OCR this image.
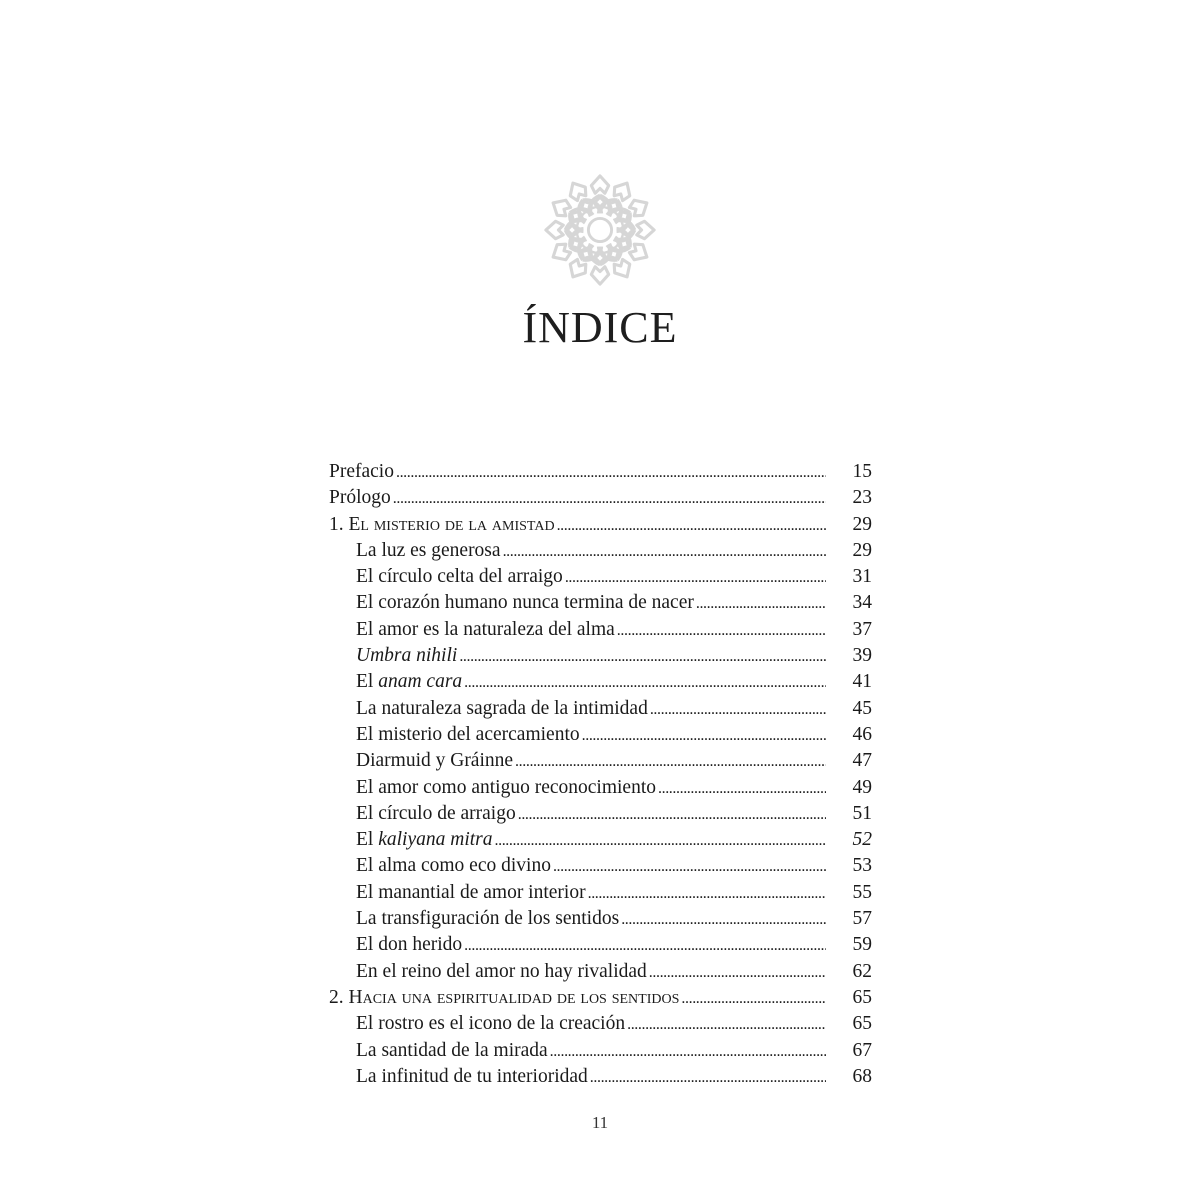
ÍNDICE
Prefacio . . .	15
Prólogo . . .	23
1. El misterio de la amistad . . .	29
La luz es generosa . . .	29
El círculo celta del arraigo . . .	31
El corazón humano nunca termina de nacer . . .	34
El amor es la naturaleza del alma . . .	37
Umbra nihili . . .	39
El anam cara . . .	41
La naturaleza sagrada de la intimidad . . .	45
El misterio del acercamiento . . .	46
Diarmuid y Gráinne . . .	47
El amor como antiguo reconocimiento . . .	49
El círculo de arraigo . . .	51
El kaliyana mitra . . .	52
El alma como eco divino . . .	53
El manantial de amor interior . . .	55
La transfiguración de los sentidos . . .	57
El don herido . . .	59
En el reino del amor no hay rivalidad . . .	62
2. Hacia una espiritualidad de los sentidos . . .	65
El rostro es el icono de la creación . . .	65
La santidad de la mirada . . .	67
La infinitud de tu interioridad . . .	68
11
